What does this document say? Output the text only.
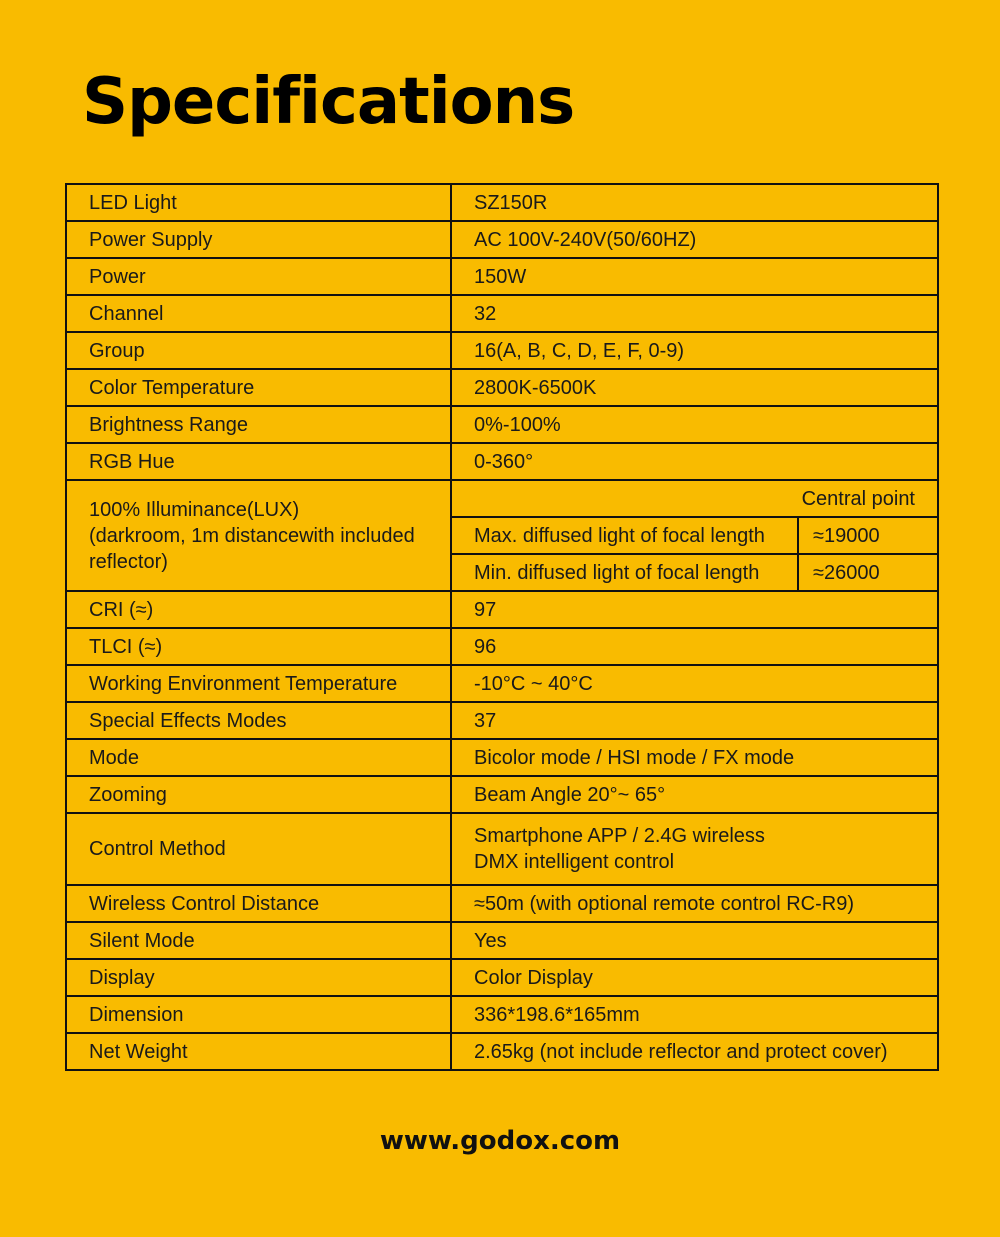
Specifications
LED Light	SZ150R	
Power Supply	AC 100V-240V(50/60HZ)	
Power	150W	
Channel	32	
Group	16(A, B, C, D, E, F, 0-9)	
Color Temperature	2800K-6500K	
Brightness Range	0%-100%	
RGB Hue	0-360°	

100% Illuminance(LUX)
(darkroom, 1m distancewith included reflector)	Central point	
	Max. diffused light of focal length	≈19000
	Min. diffused light of focal length	≈26000
CRI (≈)	97	
TLCI (≈)	96	
Working Environment Temperature	-10°C ~ 40°C	
Special Effects Modes	37	
Mode	Bicolor mode / HSI mode / FX mode	
Zooming	Beam Angle 20°~ 65°	
Control Method	Smartphone APP / 2.4G wireless
DMX intelligent control	

Wireless Control Distance	≈50m (with optional remote control RC-R9)	
Silent Mode	Yes	
Display	Color Display	
Dimension	336*198.6*165mm	
Net Weight	2.65kg (not include reflector and protect cover)	
www.godox.com
